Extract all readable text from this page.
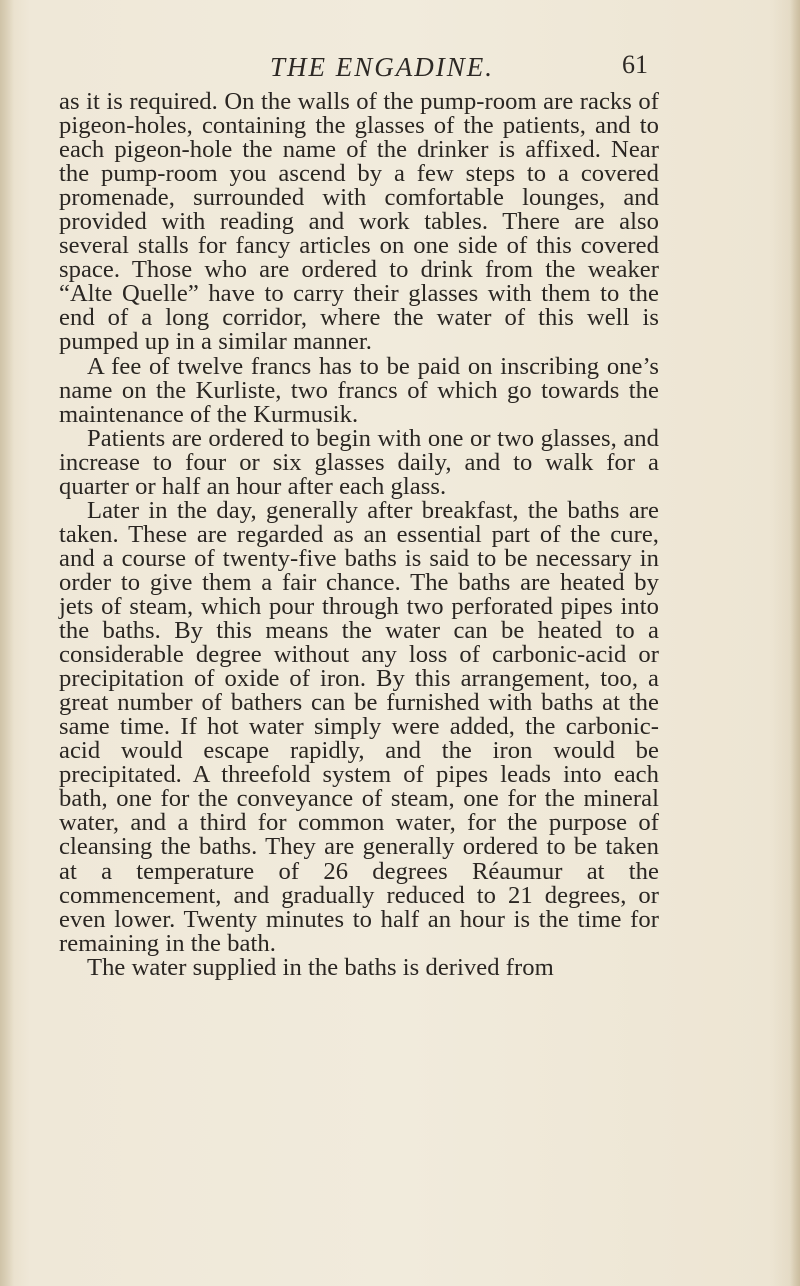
THE ENGADINE.	61

as it is required. On the walls of the pump-room are racks of pigeon-holes, containing the glasses of the patients, and to each pigeon-hole the name of the drinker is affixed. Near the pump-room you ascend by a few steps to a covered promenade, surrounded with comfortable lounges, and provided with reading and work tables. There are also several stalls for fancy articles on one side of this covered space. Those who are ordered to drink from the weaker “Alte Quelle” have to carry their glasses with them to the end of a long corridor, where the water of this well is pumped up in a similar manner.

A fee of twelve francs has to be paid on inscribing one’s name on the Kurliste, two francs of which go towards the maintenance of the Kurmusik.

Patients are ordered to begin with one or two glasses, and increase to four or six glasses daily, and to walk for a quarter or half an hour after each glass.

Later in the day, generally after breakfast, the baths are taken. These are regarded as an essential part of the cure, and a course of twenty-five baths is said to be necessary in order to give them a fair chance. The baths are heated by jets of steam, which pour through two perforated pipes into the baths. By this means the water can be heated to a considerable degree without any loss of carbonic-acid or precipitation of oxide of iron. By this arrangement, too, a great number of bathers can be furnished with baths at the same time. If hot water simply were added, the carbonic-acid would escape rapidly, and the iron would be precipitated. A threefold system of pipes leads into each bath, one for the conveyance of steam, one for the mineral water, and a third for common water, for the purpose of cleansing the baths. They are generally ordered to be taken at a temperature of 26 degrees Réaumur at the commencement, and gradually reduced to 21 degrees, or even lower. Twenty minutes to half an hour is the time for remaining in the bath.

The water supplied in the baths is derived from
